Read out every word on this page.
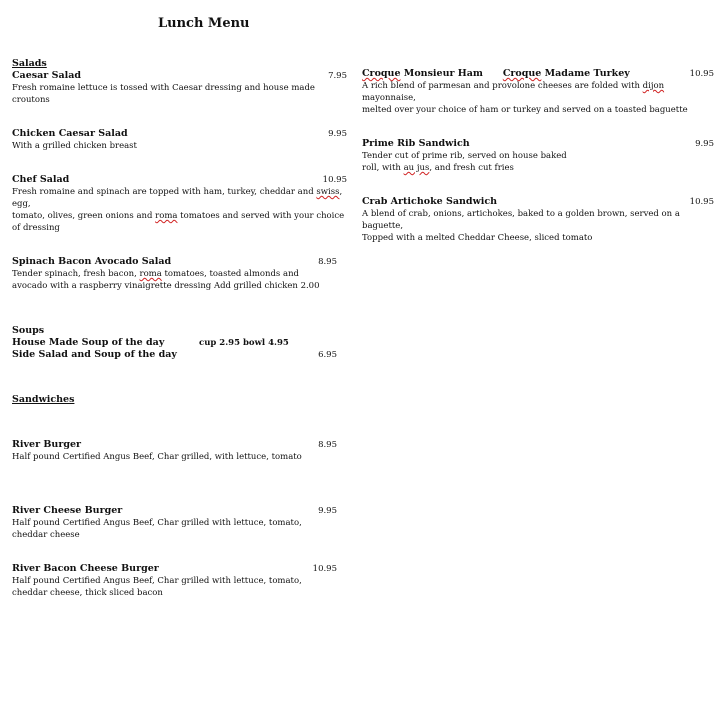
Lunch Menu
Salads
Caesar Salad	7.95
Fresh romaine lettuce is tossed with Caesar dressing and house made croutons
Chicken Caesar Salad	9.95
With a grilled chicken breast
Chef Salad	10.95
Fresh romaine and spinach are topped with ham, turkey, cheddar and swiss, egg,
tomato, olives, green onions and roma tomatoes and served with your choice of dressing
Spinach Bacon Avocado Salad	8.95
Tender spinach, fresh bacon, roma tomatoes, toasted almonds and
avocado with a raspberry vinaigrette dressing Add grilled chicken 2.00
Soups
House Made Soup of the day	cup 2.95 bowl 4.95
Side Salad and Soup of the day	6.95
Sandwiches
River Burger	8.95
Half pound Certified Angus Beef, Char grilled, with lettuce, tomato
River Cheese Burger	9.95
Half pound Certified Angus Beef, Char grilled with lettuce, tomato,
cheddar cheese
River Bacon Cheese Burger	10.95
Half pound Certified Angus Beef, Char grilled with lettuce, tomato,
cheddar cheese, thick sliced bacon
Croque Monsieur Ham      Croque Madame Turkey	10.95
A rich blend of parmesan and provolone cheeses are folded with dijon mayonnaise,
melted over your choice of ham or turkey and served on a toasted baguette
Prime Rib Sandwich	9.95
Tender cut of prime rib, served on house baked
roll, with au jus, and fresh cut fries
Crab Artichoke Sandwich	10.95
A blend of crab, onions, artichokes, baked to a golden brown, served on a baguette,
Topped with a melted Cheddar Cheese, sliced tomato
